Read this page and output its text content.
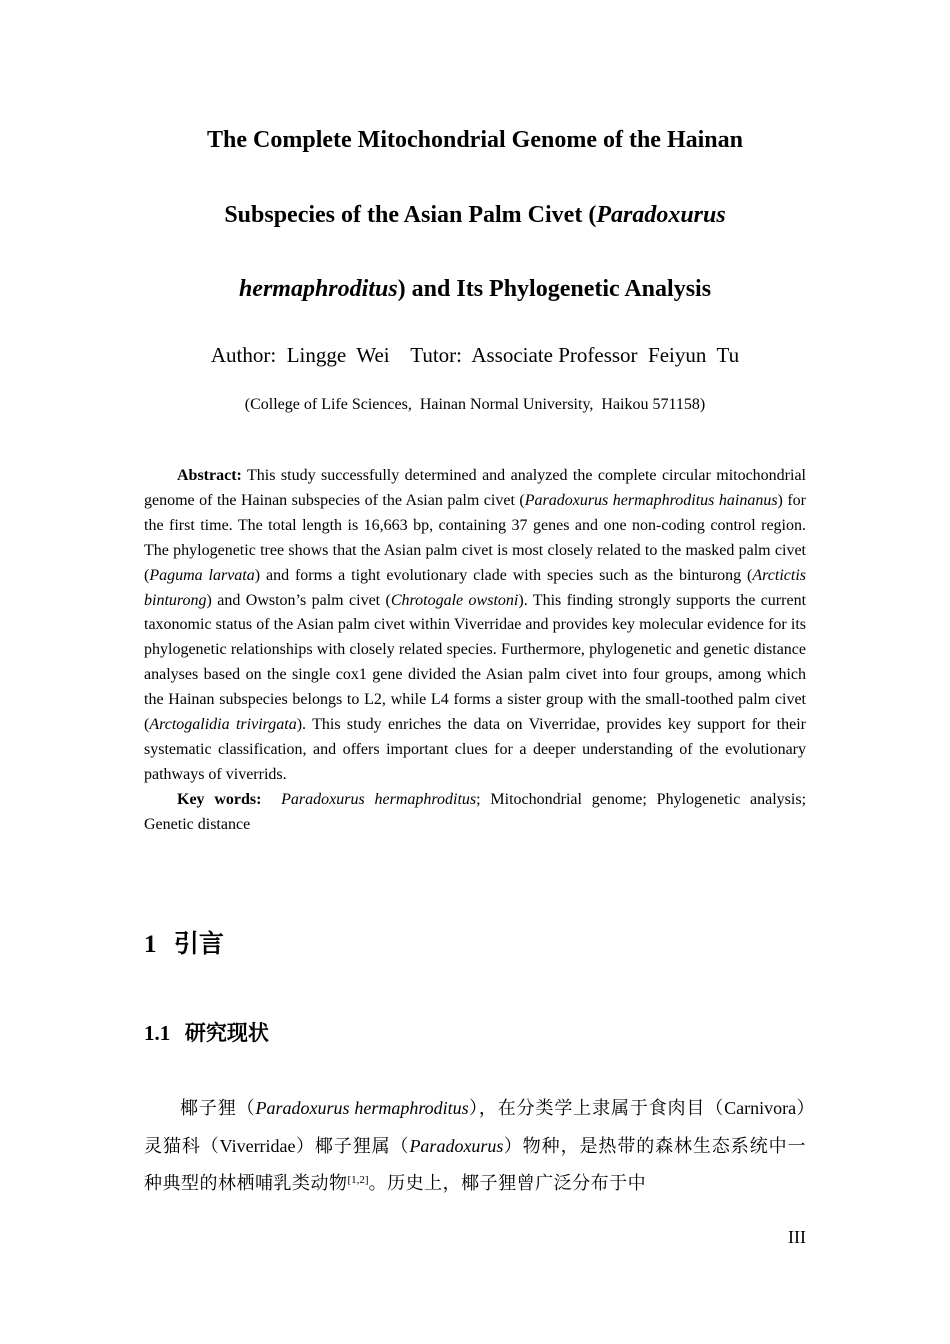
The Complete Mitochondrial Genome of the Hainan
Subspecies of the Asian Palm Civet (Paradoxurus
hermaphroditus) and Its Phylogenetic Analysis
Author:  Lingge  Wei    Tutor:  Associate Professor  Feiyun  Tu
(College of Life Sciences,  Hainan Normal University,  Haikou 571158)

Abstract: This study successfully determined and analyzed the complete circular mitochondrial genome of the Hainan subspecies of the Asian palm civet (Paradoxurus hermaphroditus hainanus) for the first time. The total length is 16,663 bp, containing 37 genes and one non-coding control region. The phylogenetic tree shows that the Asian palm civet is most closely related to the masked palm civet (Paguma larvata) and forms a tight evolutionary clade with species such as the binturong (Arctictis binturong) and Owston’s palm civet (Chrotogale owstoni). This finding strongly supports the current taxonomic status of the Asian palm civet within Viverridae and provides key molecular evidence for its phylogenetic relationships with closely related species. Furthermore, phylogenetic and genetic distance analyses based on the single cox1 gene divided the Asian palm civet into four groups, among which the Hainan subspecies belongs to L2, while L4 forms a sister group with the small-toothed palm civet (Arctogalidia trivirgata). This study enriches the data on Viverridae, provides key support for their systematic classification, and offers important clues for a deeper understanding of the evolutionary pathways of viverrids.

Key words: Paradoxurus hermaphroditus; Mitochondrial genome; Phylogenetic analysis; Genetic distance

1 引言
1.1 研究现状

椰子狸（Paradoxurus hermaphroditus），在分类学上隶属于食肉目（Carnivora）灵猫科（Viverridae）椰子狸属（Paradoxurus）物种，是热带的森林生态系统中一种典型的林栖哺乳类动物[1,2]。历史上，椰子狸曾广泛分布于中

III
